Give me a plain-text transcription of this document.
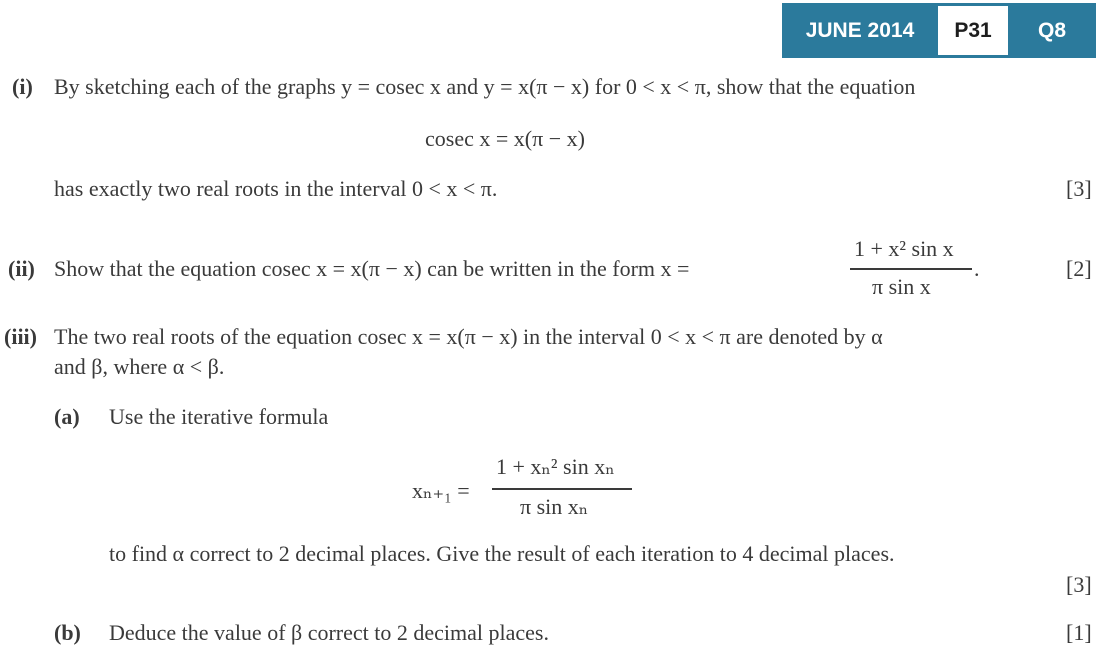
JUNE 2014	P31	Q8
(i) By sketching each of the graphs y = cosec x and y = x(π − x) for 0 < x < π, show that the equation
cosec x = x(π − x)
has exactly two real roots in the interval 0 < x < π.	[3]
(ii) Show that the equation cosec x = x(π − x) can be written in the form x =
1 + x² sin x
π sin x
.	[2]
(iii) The two real roots of the equation cosec x = x(π − x) in the interval 0 < x < π are denoted by α
and β, where α < β.
(a) Use the iterative formula
xₙ₊₁ =
1 + xₙ² sin xₙ
π sin xₙ
to find α correct to 2 decimal places. Give the result of each iteration to 4 decimal places.
[3]
(b) Deduce the value of β correct to 2 decimal places.	[1]
